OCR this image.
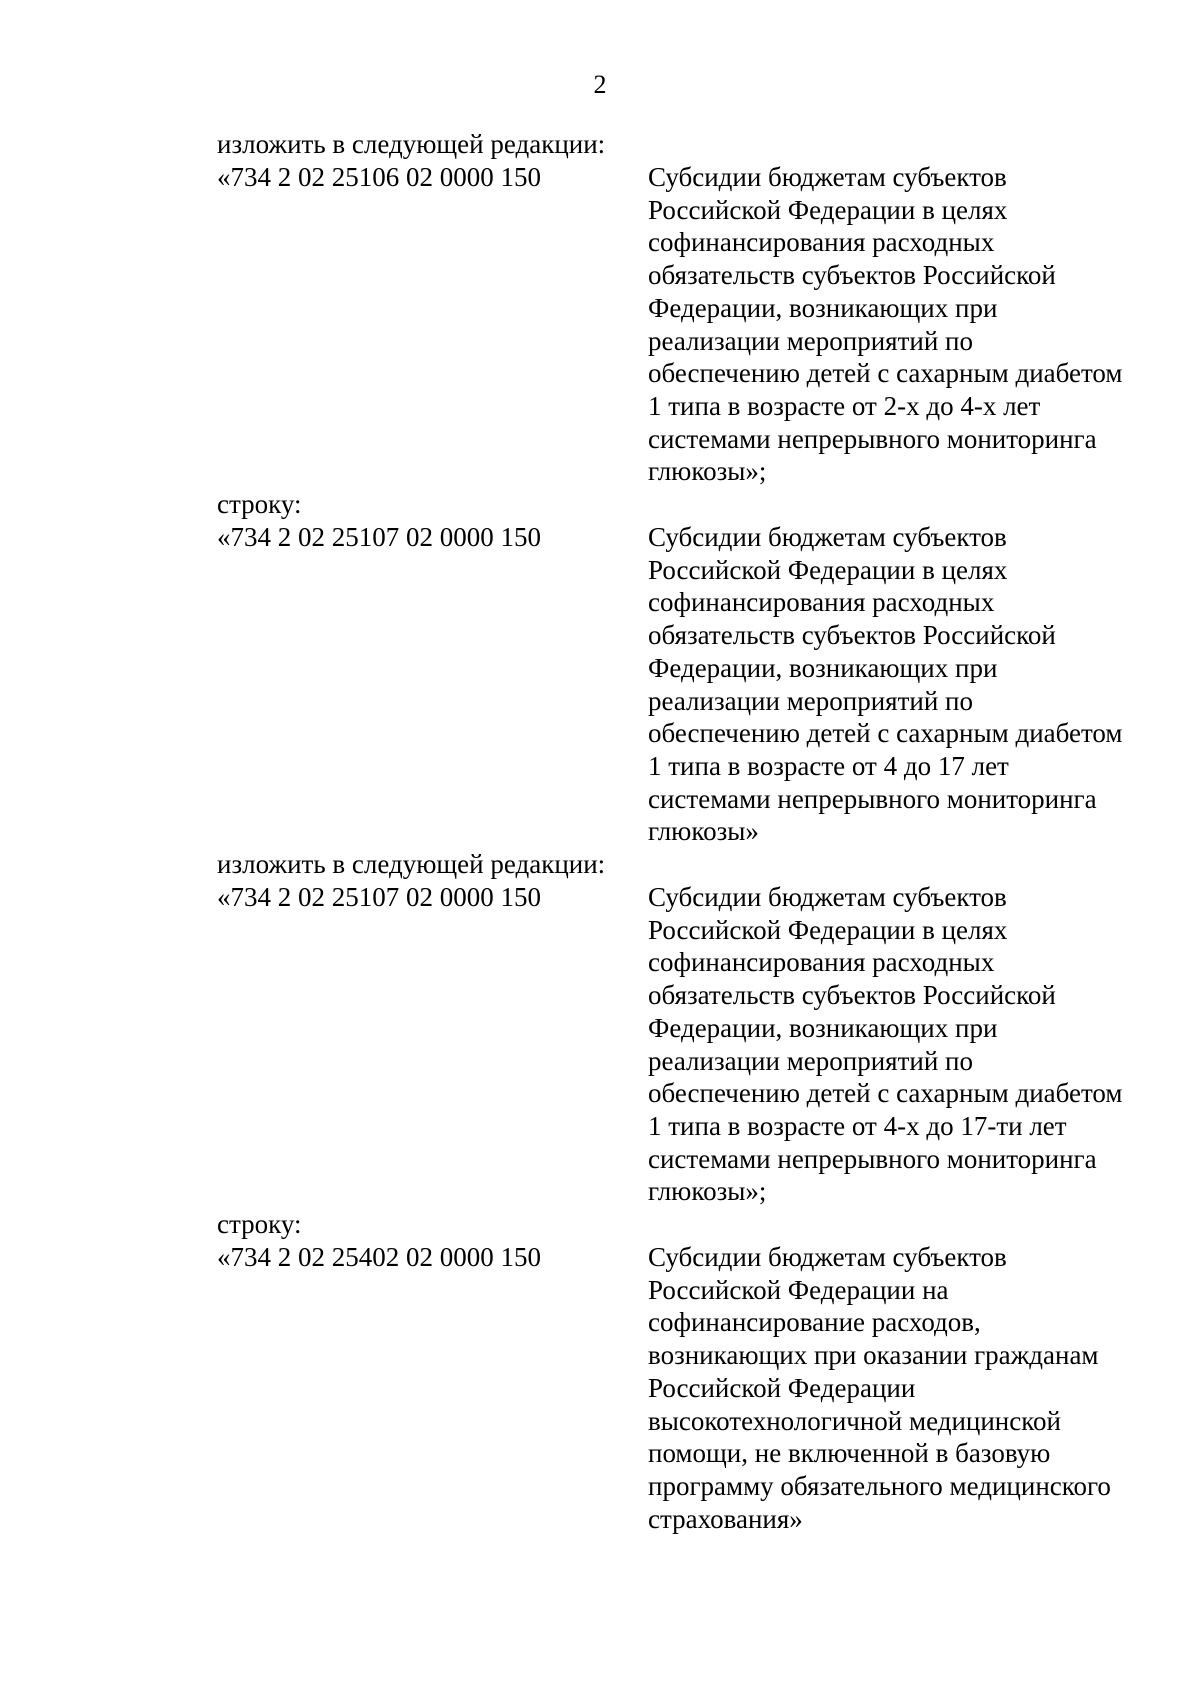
2

изложить в следующей редакции:

«734 2 02 25106 02 0000 150	Субсидии бюджетам субъектов
Российской Федерации в целях
софинансирования расходных
обязательств субъектов Российской
Федерации, возникающих при
реализации мероприятий по
обеспечению детей с сахарным диабетом
1 типа в возрасте от 2-х до 4-х лет
системами непрерывного мониторинга
глюкозы»;

строку:

«734 2 02 25107 02 0000 150	Субсидии бюджетам субъектов
Российской Федерации в целях
софинансирования расходных
обязательств субъектов Российской
Федерации, возникающих при
реализации мероприятий по
обеспечению детей с сахарным диабетом
1 типа в возрасте от 4 до 17 лет
системами непрерывного мониторинга
глюкозы»

изложить в следующей редакции:

«734 2 02 25107 02 0000 150	Субсидии бюджетам субъектов
Российской Федерации в целях
софинансирования расходных
обязательств субъектов Российской
Федерации, возникающих при
реализации мероприятий по
обеспечению детей с сахарным диабетом
1 типа в возрасте от 4-х до 17-ти лет
системами непрерывного мониторинга
глюкозы»;

строку:

«734 2 02 25402 02 0000 150	Субсидии бюджетам субъектов
Российской Федерации на
софинансирование расходов,
возникающих при оказании гражданам
Российской Федерации
высокотехнологичной медицинской
помощи, не включенной в базовую
программу обязательного медицинского
страхования»
